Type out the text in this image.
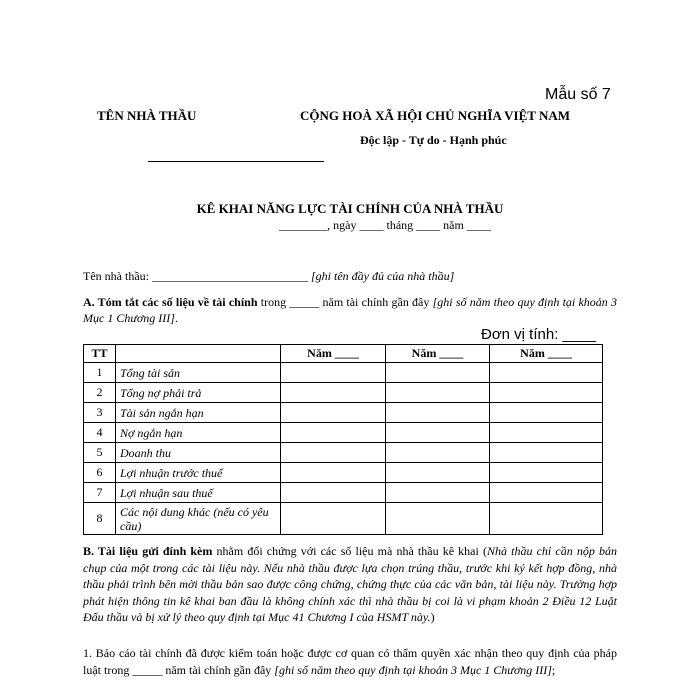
Mẫu số 7
TÊN NHÀ THẦU	CỘNG HOÀ XÃ HỘI CHỦ NGHĨA VIỆT NAM
Độc lập - Tự do - Hạnh phúc
KÊ KHAI NĂNG LỰC TÀI CHÍNH CỦA NHÀ THẦU
________, ngày ____ tháng ____ năm ____
Tên nhà thầu: __________________________ [ghi tên đầy đủ của nhà thầu]
A. Tóm tắt các số liệu về tài chính trong _____ năm tài chính gần đây [ghi số năm theo quy định tại khoản 3 Mục 1 Chương III].
Đơn vị tính: ____
TT		Năm ____	Năm ____	Năm ____
1	Tổng tài sản			
2	Tổng nợ phải trả			
3	Tài sản ngắn hạn			
4	Nợ ngắn hạn			
5	Doanh thu			
6	Lợi nhuận trước thuế			
7	Lợi nhuận sau thuế			
8	Các nội dung khác (nếu có yêu cầu)			
B. Tài liệu gửi đính kèm nhằm đối chứng với các số liệu mà nhà thầu kê khai (Nhà thầu chỉ cần nộp bản chụp của một trong các tài liệu này. Nếu nhà thầu được lựa chọn trúng thầu, trước khi ký kết hợp đồng, nhà thầu phải trình bên mời thầu bản sao được công chứng, chứng thực của các văn bản, tài liệu này. Trường hợp phát hiện thông tin kê khai ban đầu là không chính xác thì nhà thầu bị coi là vi phạm khoản 2 Điều 12 Luật Đấu thầu và bị xử lý theo quy định tại Mục 41 Chương I của HSMT này.)
1. Báo cáo tài chính đã được kiểm toán hoặc được cơ quan có thẩm quyền xác nhận theo quy định của pháp luật trong _____ năm tài chính gần đây [ghi số năm theo quy định tại khoản 3 Mục 1 Chương III];
